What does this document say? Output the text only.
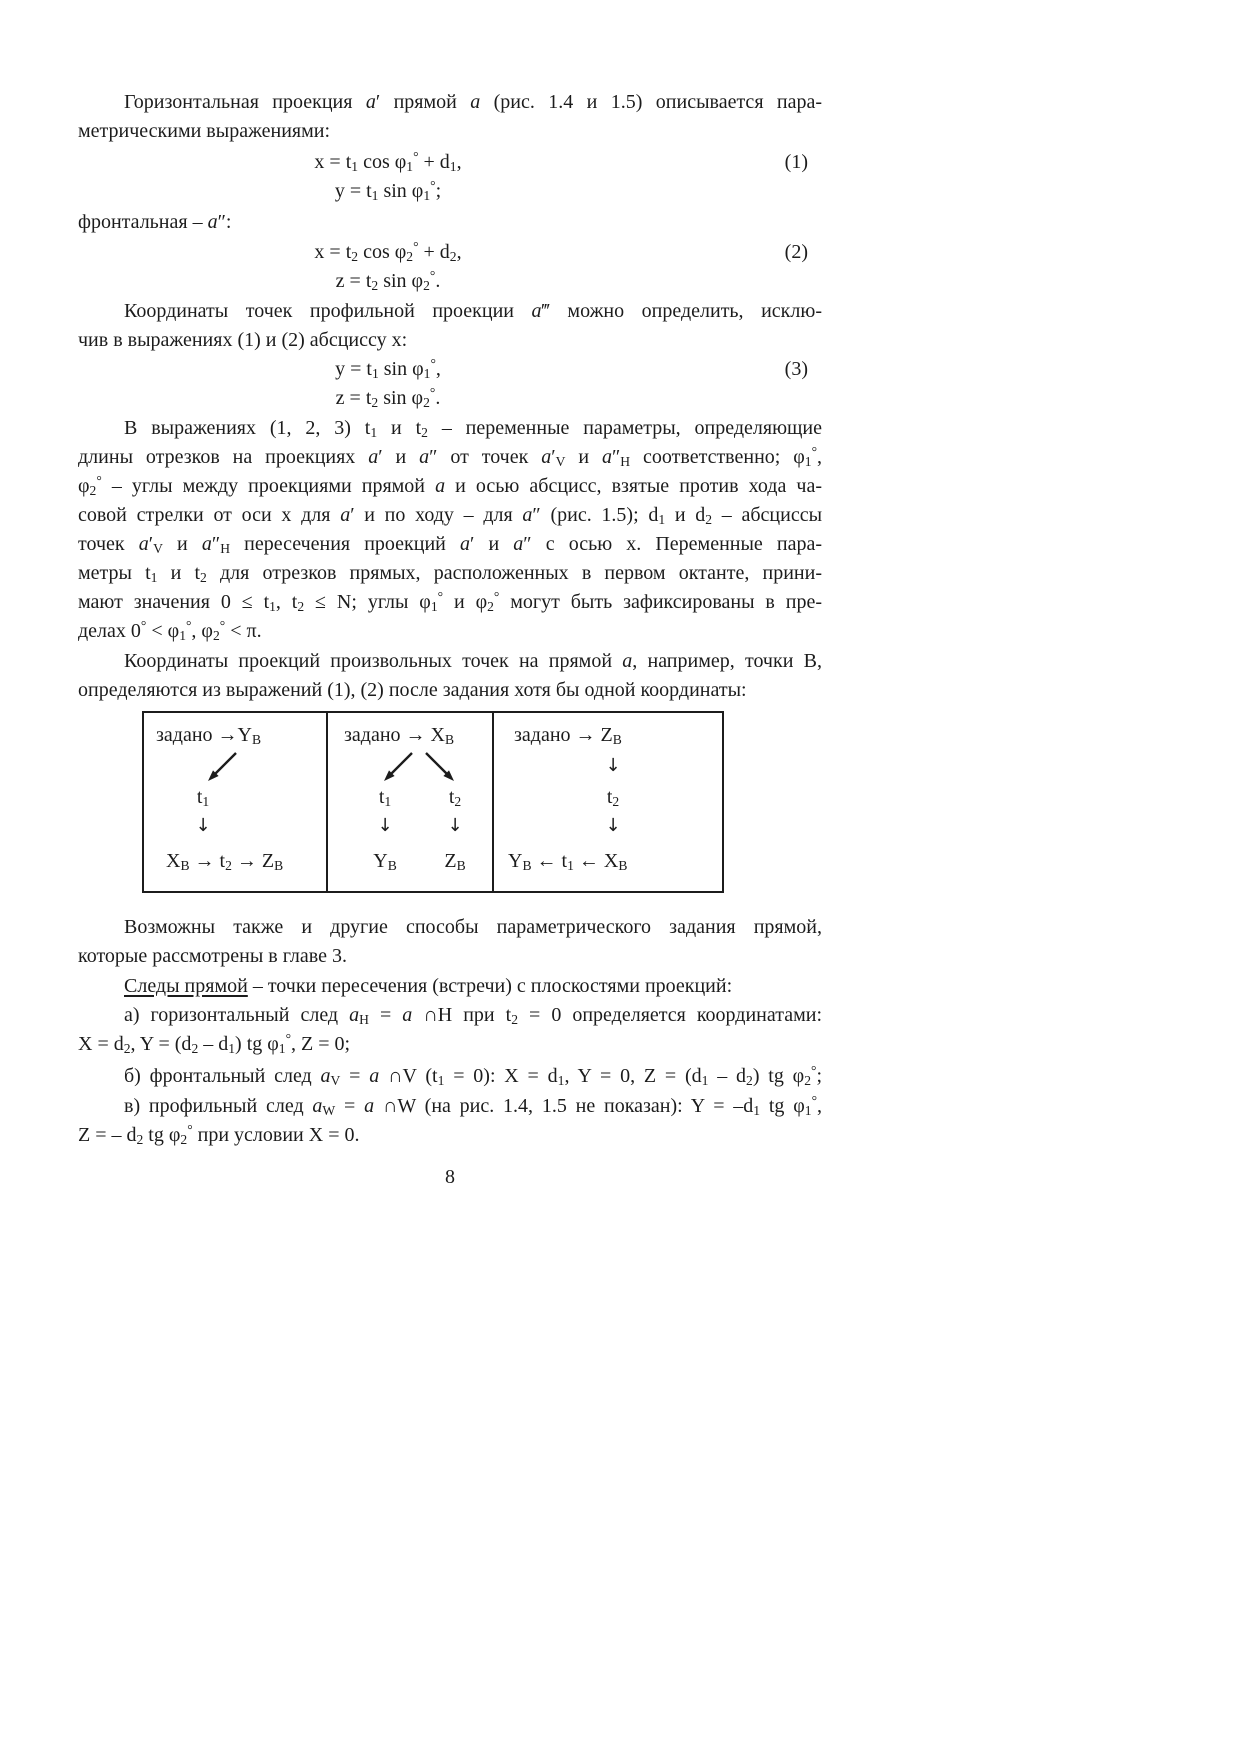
Горизонтальная проекция a′ прямой a (рис. 1.4 и 1.5) описывается пара-
метрическими выражениями:
$x = t_1$ $\cos \varphi_1^\circ + d_1$,
$y = t_1$ $\sin \varphi_1^\circ$;
(1)
фронтальная – a″:
$x = t_2$ $\cos \varphi_2^\circ + d_2$,
$z = t_2$ $\sin \varphi_2^\circ$.
(2)
Координаты точек профильной проекции a‴ можно определить, исклю-
чив в выражениях (1) и (2) абсциссу x:
$y = t_1$ $\sin \varphi_1^\circ$,
$z = t_2$ $\sin \varphi_2^\circ$.
(3)
В выражениях (1, 2, 3) $t_1$ и $t_2$ – переменные параметры, определяющие
длины отрезков на проекциях a′ и a″ от точек $a'_V$ и $a''_H$ соответственно; $\varphi_1^\circ$,
$\varphi_2^\circ$ – углы между проекциями прямой a и осью абсцисс, взятые против хода ча-
совой стрелки от оси x для a′ и по ходу – для a″ (рис. 1.5); $d_1$ и $d_2$ – абсциссы
точек $a'_V$ и $a''_H$ пересечения проекций a′ и a″ с осью x. Переменные пара-
метры $t_1$ и $t_2$ для отрезков прямых, расположенных в первом октанте, прини-
мают значения $0 \le t_1$, $t_2 \le N$; углы $\varphi_1^\circ$ и $\varphi_2^\circ$ могут быть зафиксированы в пре-
делах $0^\circ < \varphi_1^\circ$, $\varphi_2^\circ < \pi$.
Координаты проекций произвольных точек на прямой a, например, точки B,
определяются из выражений (1), (2) после задания хотя бы одной координаты:
задано $\to Y_B$
$t_1$
↓
$X_B \to t_2 \to Z_B$
задано → $X_B$
$t_1$	$t_2$
↓	↓
$Y_B$	$Z_B$
задано → $Z_B$
↓
$t_2$
↓
$Y_B$ ← $t_1$ ← $X_B$
Возможны также и другие способы параметрического задания прямой,
которые рассмотрены в главе 3.
Следы прямой – точки пересечения (встречи) с плоскостями проекций:
а) горизонтальный след $a_H = a$ ∩H при $t_2 = 0$ определяется координатами:
$X = d_2$, $Y = (d_2 - d_1)$ tg $\varphi_1^\circ$, Z = 0;
б) фронтальный след $a_V = a$ ∩V $(t_1 = 0)$: $X = d_1$, Y = 0, $Z = (d_1 - d_2)$ tg $\varphi_2^\circ$;
в) профильный след $a_W = a$ ∩W (на рис. 1.4, 1.5 не показан): $Y = -d_1$ tg $\varphi_1^\circ$,
Z = – $d_2$ tg $\varphi_2^\circ$ при условии X = 0.
8
